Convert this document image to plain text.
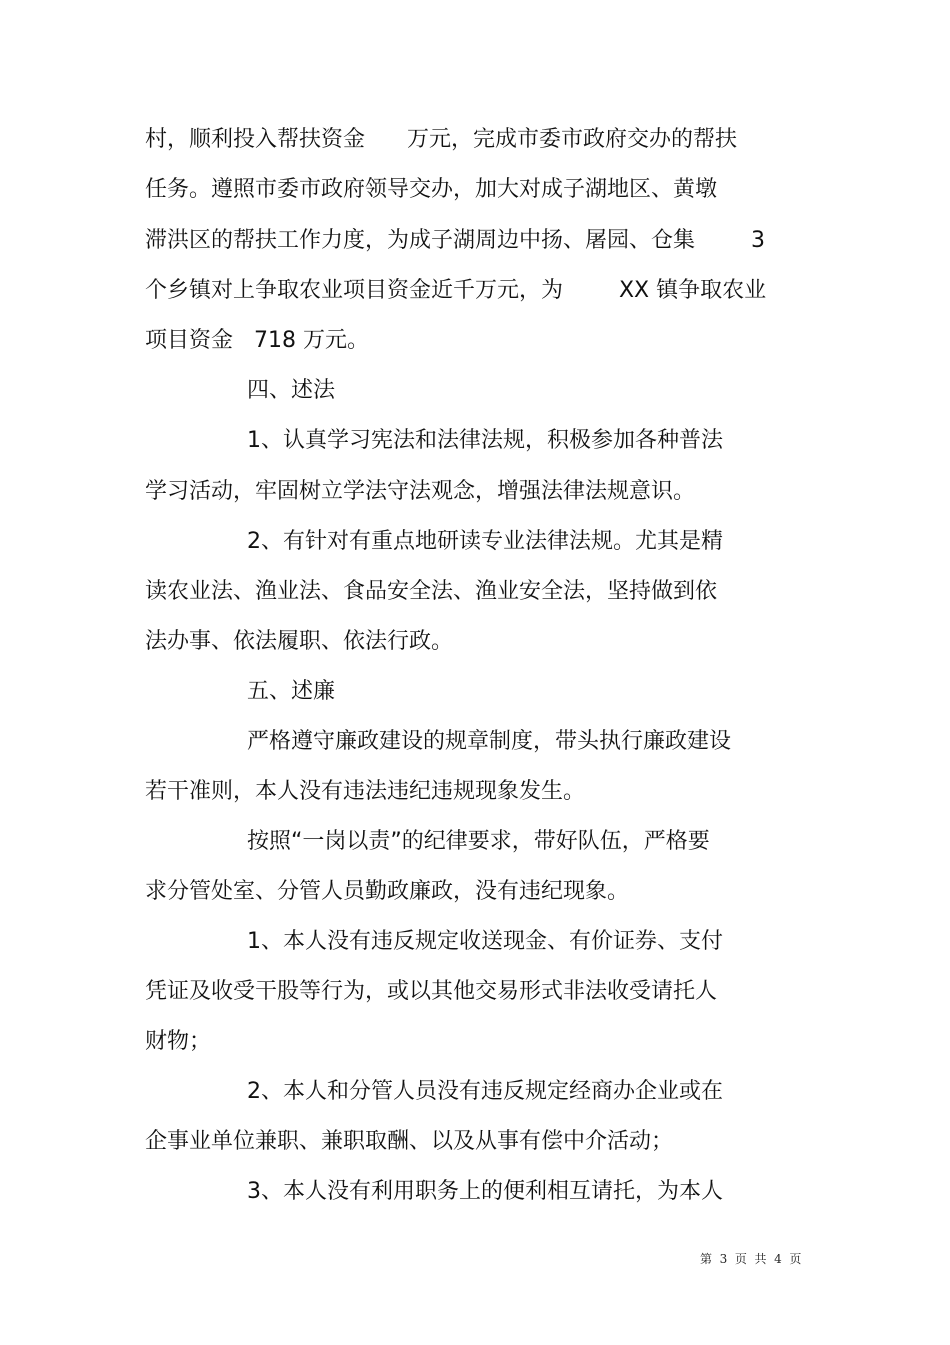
村，顺利投入帮扶资金      万元，完成市委市政府交办的帮扶
任务。遵照市委市政府领导交办，加大对成子湖地区、黄墩
滞洪区的帮扶工作力度，为成子湖周边中扬、屠园、仓集        3
个乡镇对上争取农业项目资金近千万元，为        XX 镇争取农业
项目资金   718 万元。
四、述法
1、认真学习宪法和法律法规，积极参加各种普法
学习活动，牢固树立学法守法观念，增强法律法规意识。
2、有针对有重点地研读专业法律法规。尤其是精
读农业法、渔业法、食品安全法、渔业安全法，坚持做到依
法办事、依法履职、依法行政。
五、述廉
严格遵守廉政建设的规章制度，带头执行廉政建设
若干准则，本人没有违法违纪违规现象发生。
按照“一岗以责”的纪律要求，带好队伍，严格要
求分管处室、分管人员勤政廉政，没有违纪现象。
1、本人没有违反规定收送现金、有价证券、支付
凭证及收受干股等行为，或以其他交易形式非法收受请托人
财物；
2、本人和分管人员没有违反规定经商办企业或在
企事业单位兼职、兼职取酬、以及从事有偿中介活动；
3、本人没有利用职务上的便利相互请托，为本人
第  3  页  共  4  页
